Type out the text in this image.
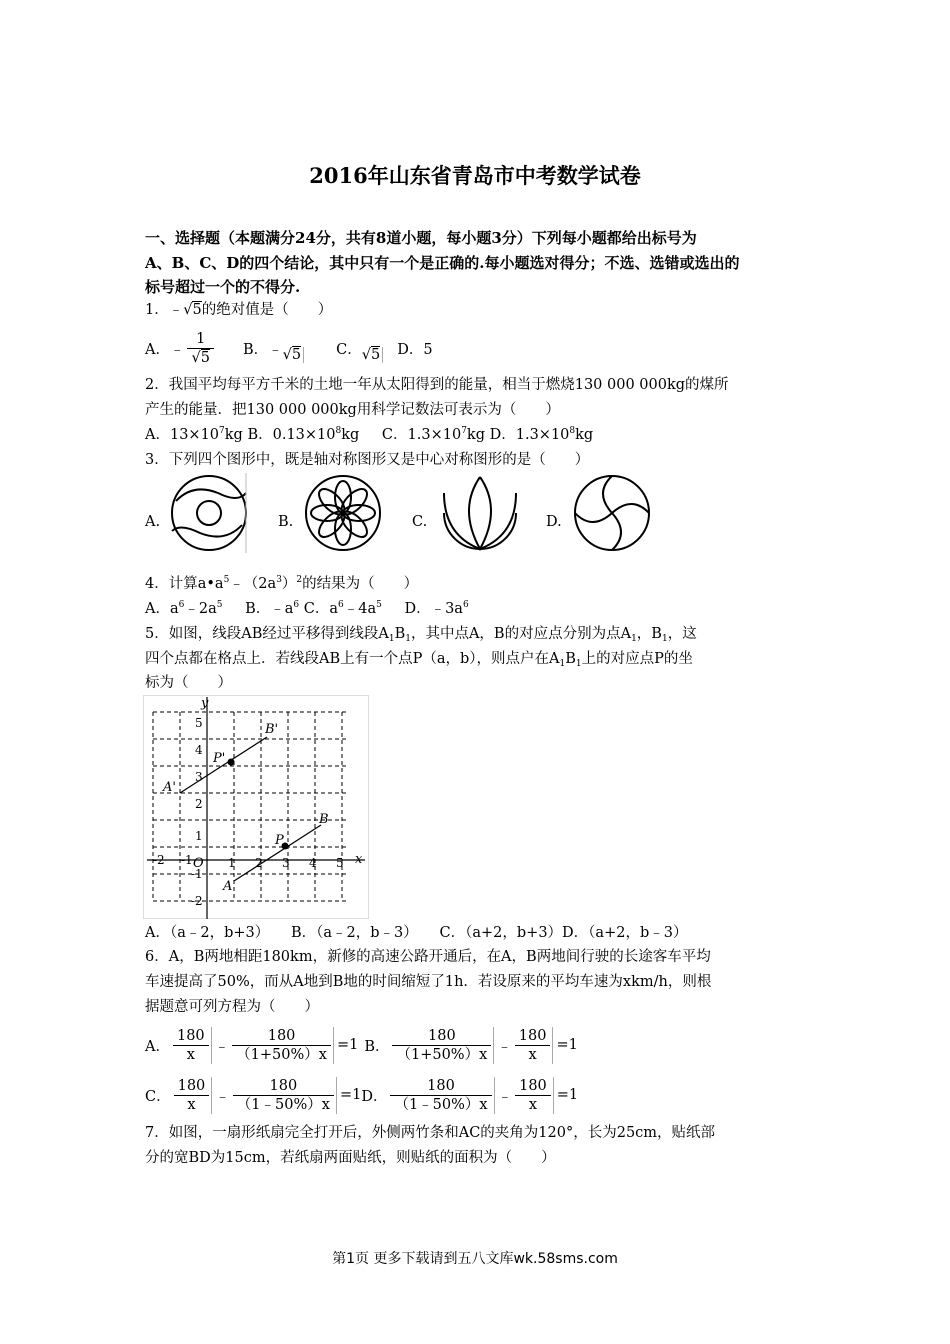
2016年山东省青岛市中考数学试卷
一、选择题（本题满分24分，共有8道小题，每小题3分）下列每小题都给出标号为
A、B、C、D的四个结论，其中只有一个是正确的.每小题选对得分；不选、选错或选出的
标号超过一个的不得分.
1．﹣√5的绝对值是（　　）
A．﹣ $\frac{1}{√5}$ B．﹣ √5 C． √5 D．5
2．我国平均每平方千米的土地一年从太阳得到的能量，相当于燃烧130 000 000kg的煤所
产生的能量．把130 000 000kg用科学记数法可表示为（　　）
A．$13\times 10^7kg$ B．$0.13\times 10^8kg$ C．$1.3\times 10^7kg$ D．$1.3\times 10^8kg$
3．下列四个图形中，既是轴对称图形又是中心对称图形的是（　　）
A.	B.	C.	D.
4．计算$a•a^5﹣(2a^3)^2$的结果为（　　）
A．$a^6﹣2a^5$ B．$﹣a^6$ C．$a^6﹣4a^5$ D．$﹣3a^6$
5．如图，线段AB经过平移得到线段$A_1B_1$，其中点A，B的对应点分别为点$A_1$，$B_1$，这
四个点都在格点上．若线段AB上有一个点P（a，b），则点户在$A_1B_1$上的对应点P的坐
标为（　　）
x
y
O
A'
B'
P'
A
B
P
-2 -1	1 2 3 4 5
5
4
3
2
1
-1
-2
A．（a﹣2，b+3）　　B．（a﹣2，b﹣3）　　C．（a+2，b+3）D．（a+2，b﹣3）
6．A，B两地相距180km，新修的高速公路开通后，在A，B两地间行驶的长途客车平均
车速提高了50%，而从A地到B地的时间缩短了1h．若设原来的平均车速为xkm/h，则根
据题意可列方程为（　　）
A． $\frac{180}{x}$ ﹣ $\frac{180}{(1+50\%)x} =1$ B． $\frac{180}{(1+50\%)x}$ ﹣ $\frac{180}{x} =1$
C． $\frac{180}{x}$ ﹣ $\frac{180}{(1﹣50\%)x} =1$ D． $\frac{180}{(1﹣50\%)x}$ ﹣ $\frac{180}{x} =1$
7．如图，一扇形纸扇完全打开后，外侧两竹条和AC的夹角为120°，长为25cm，贴纸部
分的宽BD为15cm，若纸扇两面贴纸，则贴纸的面积为（　　）
第1页 更多下载请到五八文库wk.58sms.com
